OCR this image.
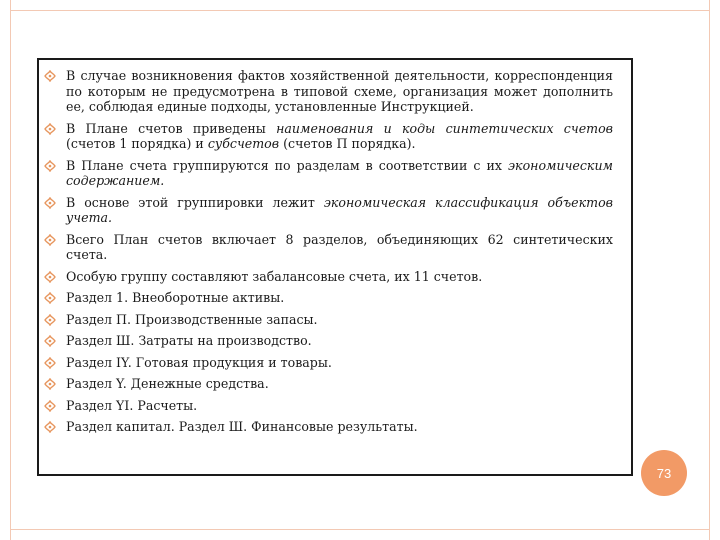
В случае возникновения фактов хозяйственной деятельности, корреспонденция по которым не предусмотрена в типовой схеме, организация может дополнить ее, соблюдая единые подходы, установленные Инструкцией.
В Плане счетов приведены наименования и коды синтетических счетов (счетов 1 порядка) и субсчетов (счетов П порядка).
В Плане счета группируются по разделам в соответствии с их экономическим содержанием.
В основе этой группировки лежит экономическая классификация объектов учета.
Всего План счетов включает 8 разделов, объединяющих 62 синтетических счета.
Особую группу составляют забалансовые счета, их 11 счетов.
Раздел 1. Внеоборотные активы.
Раздел П. Производственные запасы.
Раздел Ш. Затраты на производство.
Раздел IY. Готовая продукция и товары.
Раздел Y. Денежные средства.
Раздел YI. Расчеты.
Раздел капитал. Раздел Ш. Финансовые результаты.
73
